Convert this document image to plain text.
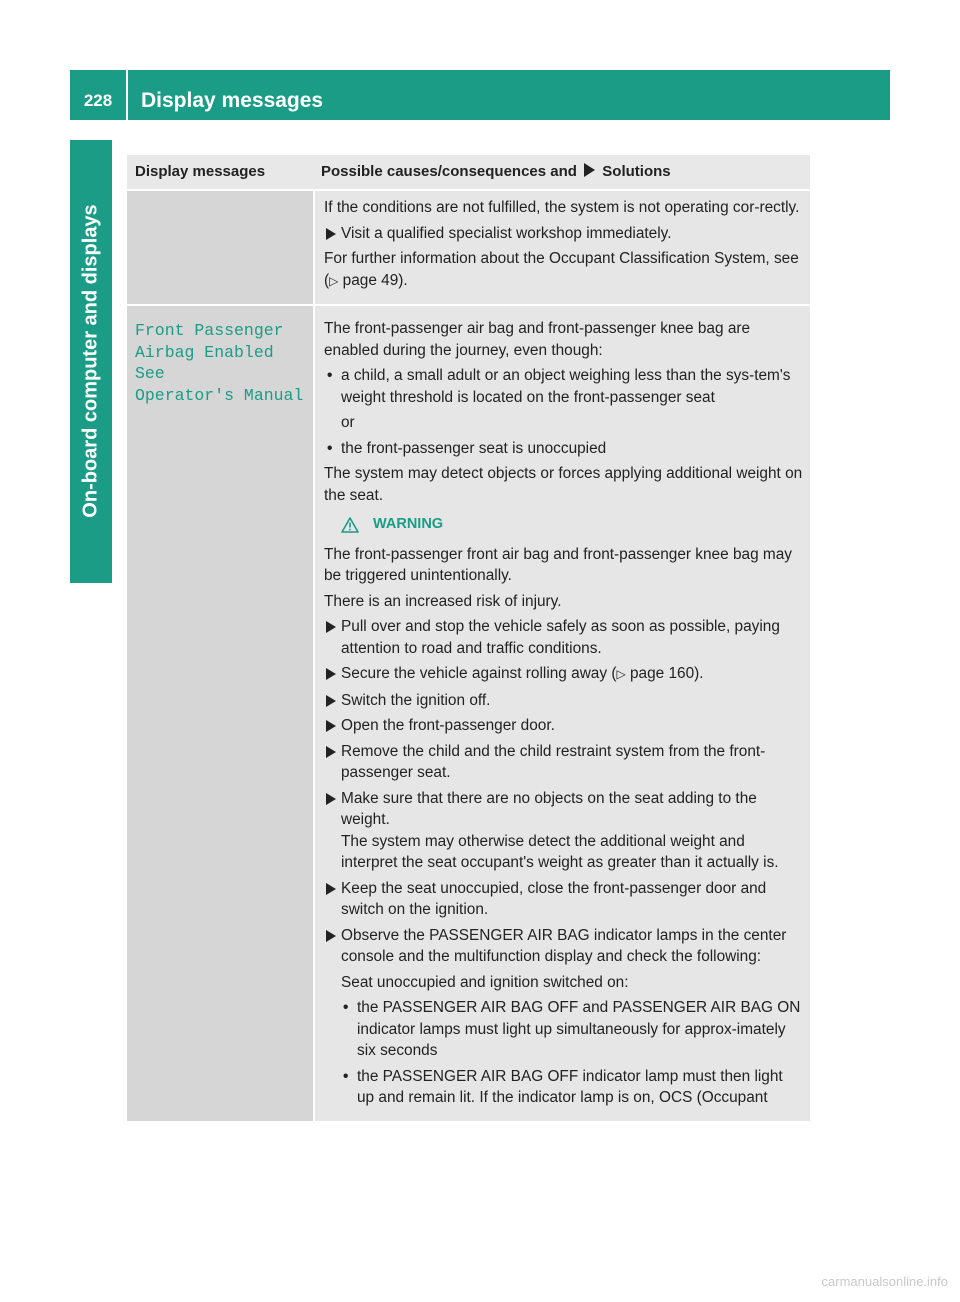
228	Display messages
On-board computer and displays
Display messages	Possible causes/consequences and Solutions

If the conditions are not fulfilled, the system is not operating cor-rectly.

Visit a qualified specialist workshop immediately.

For further information about the Occupant Classification System, see (▷ page 49).

Front Passenger
Airbag Enabled See
Operator's Manual

The front-passenger air bag and front-passenger knee bag are enabled during the journey, even though:

• a child, a small adult or an object weighing less than the sys-tem's weight threshold is located on the front-passenger seat
or
• the front-passenger seat is unoccupied

The system may detect objects or forces applying additional weight on the seat.

WARNING

The front-passenger front air bag and front-passenger knee bag may be triggered unintentionally.

There is an increased risk of injury.

Pull over and stop the vehicle safely as soon as possible, paying attention to road and traffic conditions.
Secure the vehicle against rolling away (▷ page 160).
Switch the ignition off.
Open the front-passenger door.
Remove the child and the child restraint system from the front-passenger seat.
Make sure that there are no objects on the seat adding to the weight.
The system may otherwise detect the additional weight and interpret the seat occupant's weight as greater than it actually is.
Keep the seat unoccupied, close the front-passenger door and switch on the ignition.
Observe the PASSENGER AIR BAG indicator lamps in the center console and the multifunction display and check the following:
Seat unoccupied and ignition switched on:
• the PASSENGER AIR BAG OFF and PASSENGER AIR BAG ON indicator lamps must light up simultaneously for approx-imately six seconds
• the PASSENGER AIR BAG OFF indicator lamp must then light up and remain lit. If the indicator lamp is on, OCS (Occupant
carmanualsonline.info
